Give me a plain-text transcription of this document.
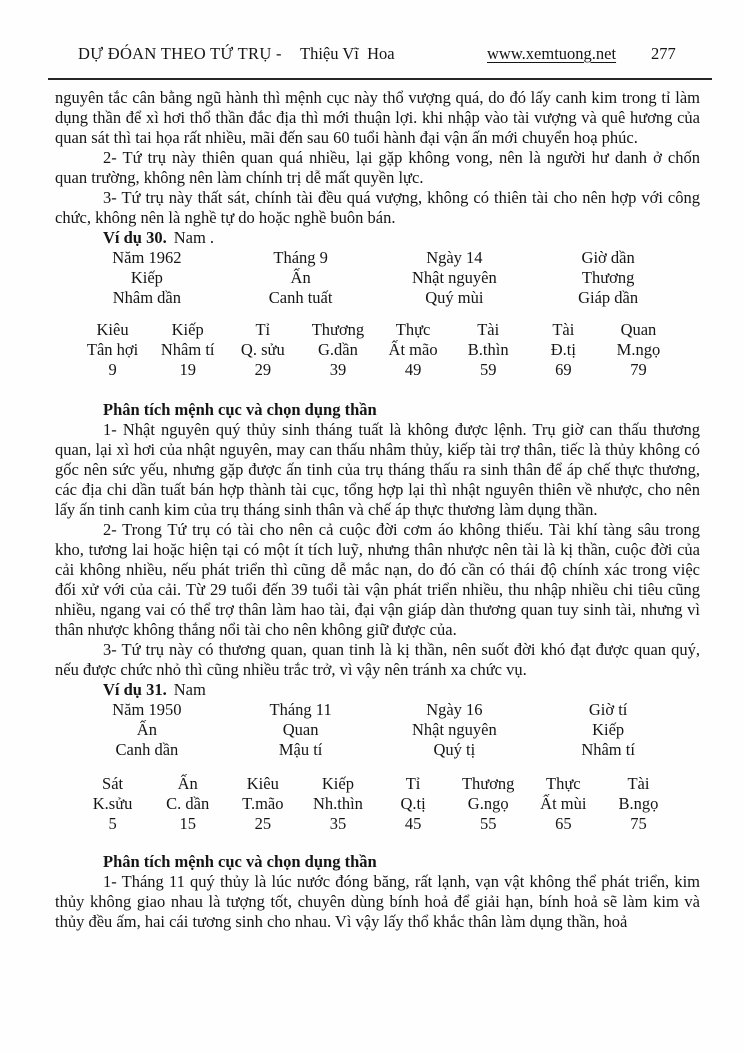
DỰ ĐÓAN THEO TỨ TRỤ - Thiệu Vĩ  Hoa	www.xemtuong.net 277

nguyên tắc cân bằng ngũ hành thì mệnh cục này thổ vượng quá, do đó lấy canh kim trong tỉ làm dụng thần để xì hơi thổ thần đắc địa thì mới thuận lợi. khi nhập vào tài vượng và quê hương của quan sát thì tai họa rất nhiều, mãi đến sau 60 tuổi hành đại vận ấn mới chuyển hoạ phúc.

2- Tứ trụ này thiên quan quá nhiều, lại gặp không vong, nên là người hư danh ở chốn quan trường, không nên làm chính trị dễ mất quyền lực.

3- Tứ trụ này thất sát, chính tài đều quá vượng, không có thiên tài cho nên hợp với công chức, không nên là nghề tự do hoặc nghề buôn bán.

Ví dụ 30. Nam .

Năm 1962	Tháng 9	Ngày 14	Giờ dần
Kiếp	Ấn	Nhật nguyên	Thương
Nhâm dần	Canh tuất	Quý mùi	Giáp dần
Kiêu	Kiếp	Tỉ	Thương	Thực	Tài	Tài	Quan
Tân hợi	Nhâm tí	Q. sửu	G.dần	Ất mão	B.thìn	Đ.tị	M.ngọ
9	19	29	39	49	59	69	79

Phân tích mệnh cục và chọn dụng thần

1- Nhật nguyên quý thủy sinh tháng tuất là không được lệnh. Trụ giờ can thấu thương quan, lại xì hơi của nhật nguyên, may can thấu nhâm thủy, kiếp tài trợ thân, tiếc là thủy không có gốc nên sức yếu, nhưng gặp được ấn tinh của trụ tháng thấu ra sinh thân để áp chế thực thương, các địa chi dần tuất bán hợp thành tài cục, tổng hợp lại thì nhật nguyên thiên về nhược, cho nên lấy ấn tinh canh kim của trụ tháng sinh thân và chế áp thực thương làm dụng thần.

2- Trong Tứ trụ có tài cho nên cả cuộc đời cơm áo không thiếu. Tài khí tàng sâu trong kho, tương lai hoặc hiện tại có một ít tích luỹ, nhưng thân nhược nên tài là kị thần, cuộc đời của cải không nhiều, nếu phát triển thì cũng dễ mắc nạn, do đó cần có thái độ chính xác trong việc đối xử với của cải. Từ 29 tuổi đến 39 tuổi tài vận phát triển nhiều, thu nhập nhiều chi tiêu cũng nhiều, ngang vai có thể trợ thân làm hao tài, đại vận giáp dàn thương quan tuy sinh tài, nhưng vì thân nhược không thắng nổi tài cho nên không giữ được của.

3- Tứ trụ này có thương quan, quan tinh là kị thần, nên suốt đời khó đạt được quan quý, nếu được chức nhỏ thì cũng nhiều trắc trở, vì vậy nên tránh xa chức vụ.

Ví dụ 31. Nam

Năm 1950	Tháng 11	Ngày 16	Giờ tí
Ấn	Quan	Nhật nguyên	Kiếp
Canh dần	Mậu tí	Quý tị	Nhâm tí
Sát	Ấn	Kiêu	Kiếp	Tỉ	Thương	Thực	Tài
K.sửu	C. dần	T.mão	Nh.thìn	Q.tị	G.ngọ	Ất mùi	B.ngọ
5	15	25	35	45	55	65	75

Phân tích mệnh cục và chọn dụng thần

1- Tháng 11 quý thủy là lúc nước đóng băng, rất lạnh, vạn vật không thể phát triển, kim thủy không giao nhau là tượng tốt, chuyên dùng bính hoả để giải hạn, bính hoả sẽ làm kim và thủy đều ấm, hai cái tương sinh cho nhau. Vì vậy lấy thổ khắc thân làm dụng thần, hoả
